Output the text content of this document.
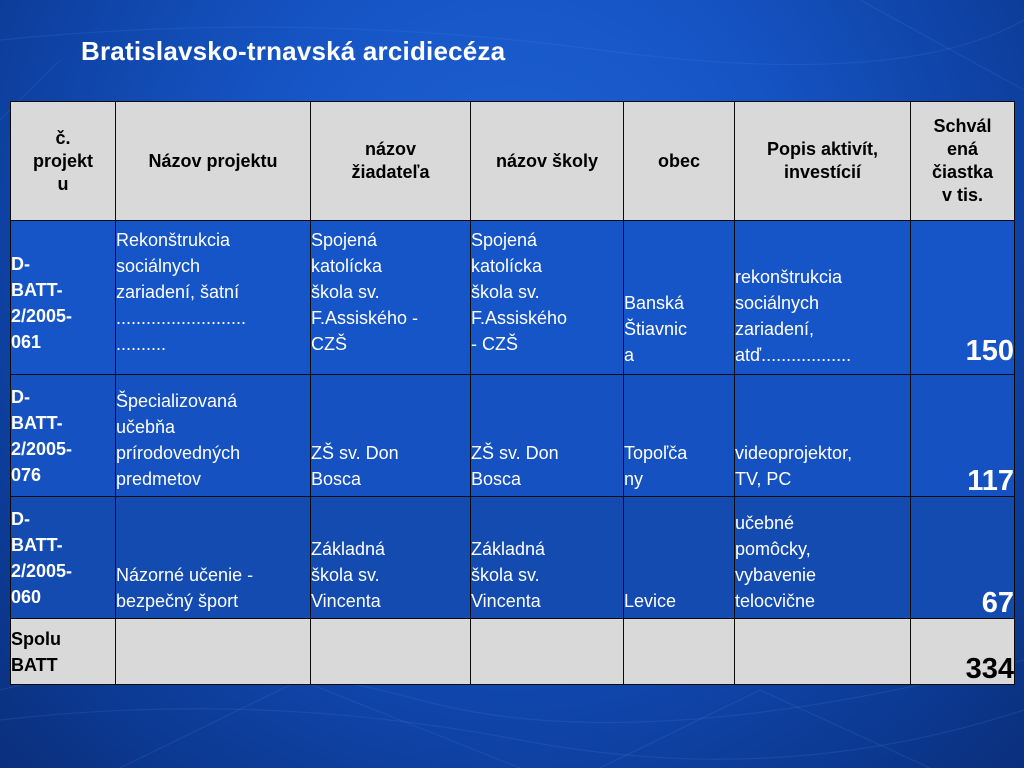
Bratislavsko-trnavská arcidiecéza
č.
projekt
u	Názov projektu	názov
žiadateľa	názov školy	obec	Popis aktivít,
investícií	Schvál
ená
čiastka
v tis.

D-
BATT-
2/2005-
061	Rekonštrukcia
sociálnych
zariadení, šatní
..........................
..........	Spojená
katolícka
škola sv.
F.Assiského -
CZŠ	Spojená
katolícka
škola sv.
F.Assiského
- CZŠ	Banská
Štiavnic
a	rekonštrukcia
sociálnych
zariadení,
atď..................	150

D-
BATT-
2/2005-
076	Špecializovaná
učebňa
prírodovedných
predmetov	ZŠ sv. Don
Bosca	ZŠ sv. Don
Bosca	Topoľča
ny	videoprojektor,
TV, PC	117

D-
BATT-
2/2005-
060	Názorné učenie -
bezpečný šport	Základná
škola sv.
Vincenta	Základná
škola sv.
Vincenta	Levice	učebné
pomôcky,
vybavenie
telocvične	67

Spolu
BATT						334
